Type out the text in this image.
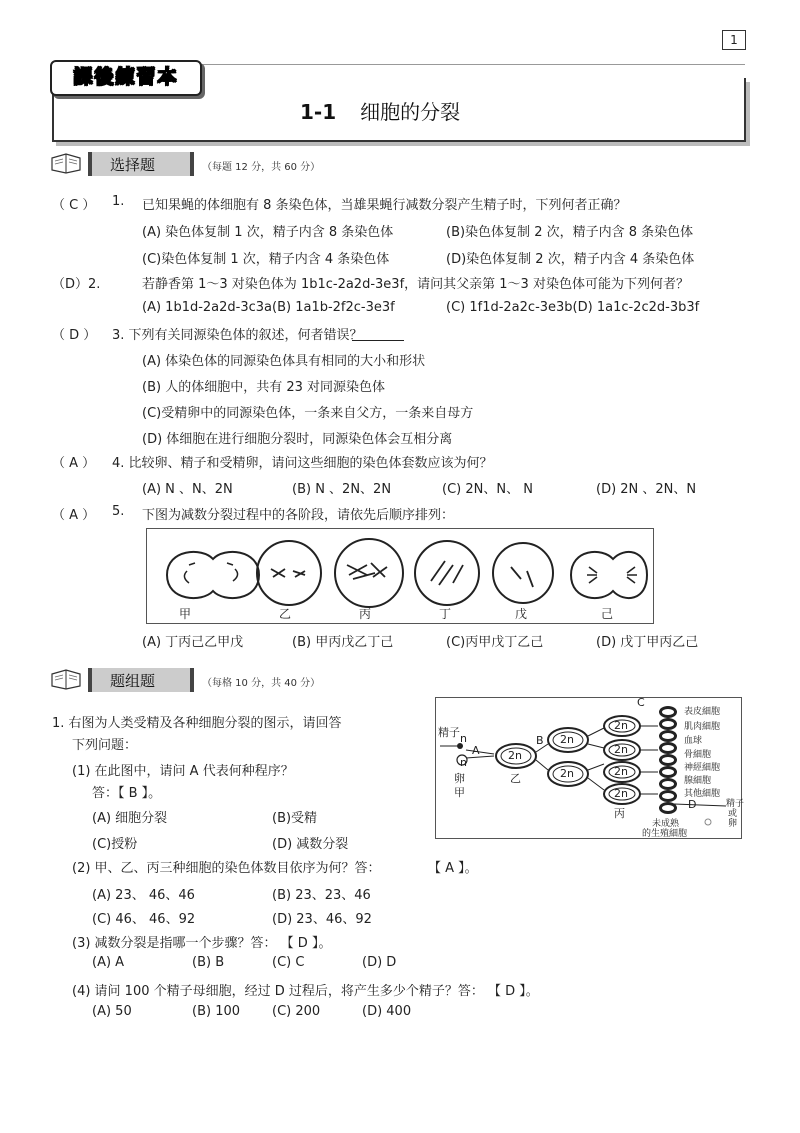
1
課後練習本
1-1 细胞的分裂
选择题	（每题 12 分，共 60 分）
（ C ） 1. 已知果蝇的体细胞有 8 条染色体，当雄果蝇行减数分裂产生精子时，下列何者正确？
(A) 染色体复制 1 次，精子内含 8 条染色体	(B)染色体复制 2 次，精子内含 8 条染色体
(C)染色体复制 1 次，精子内含 4 条染色体	(D)染色体复制 2 次，精子内含 4 条染色体
（D）2.	若静香第 1～3 对染色体为 1b1c-2a2d-3e3f，请问其父亲第 1～3 对染色体可能为下列何者？
(A) 1b1d-2a2d-3c3a(B) 1a1b-2f2c-3e3f	(C) 1f1d-2a2c-3e3b(D) 1a1c-2c2d-3b3f
（ D ） 3. 下列有关同源染色体的叙述，何者错误？
(A) 体染色体的同源染色体具有相同的大小和形状
(B) 人的体细胞中，共有 23 对同源染色体
(C)受精卵中的同源染色体，一条来自父方，一条来自母方
(D) 体细胞在进行细胞分裂时，同源染色体会互相分离
（ A ） 4. 比较卵、精子和受精卵，请问这些细胞的染色体套数应该为何？
(A) N 、N、2N	(B) N 、2N、2N	(C) 2N、N、 N	(D) 2N 、2N、N
（ A ） 5. 下图为减数分裂过程中的各阶段，请依先后顺序排列：
甲	乙	丙	丁	戊	己
(A) 丁丙己乙甲戊	(B) 甲丙戊乙丁己	(C)丙甲戊丁乙己	(D) 戊丁甲丙乙己
题组题	（每格 10 分，共 40 分）
1. 右图为人类受精及各种细胞分裂的图示，请回答
下列问题：
(1) 在此图中，请问 A 代表何种程序？
答：【 B 】。
(A) 细胞分裂	(B)受精
(C)授粉	(D) 减数分裂
(2) 甲、乙、丙三种细胞的染色体数目依序为何？答：	【 A 】。
(A) 23、 46、46	(B) 23、23、46
(C) 46、 46、92	(D) 23、46、92
(3) 减数分裂是指哪一个步骤？答： 【 D 】。
(A) A	(B) B	(C) C	(D) D
(4) 请问 100 个精子母细胞，经过 D 过程后，将产生多少个精子？答： 【 D 】。
(A) 50	(B) 100 (C) 200	(D) 400
C
精子 n
A
n
卵
甲
2n
乙
B 2n
2n
2n
2n
2n
2n
丙
表皮細胞
肌肉細胞
血球
骨細胞
神經細胞
腺細胞
其他細胞
D	精子
或
卵
未成熟
的生殖細胞
